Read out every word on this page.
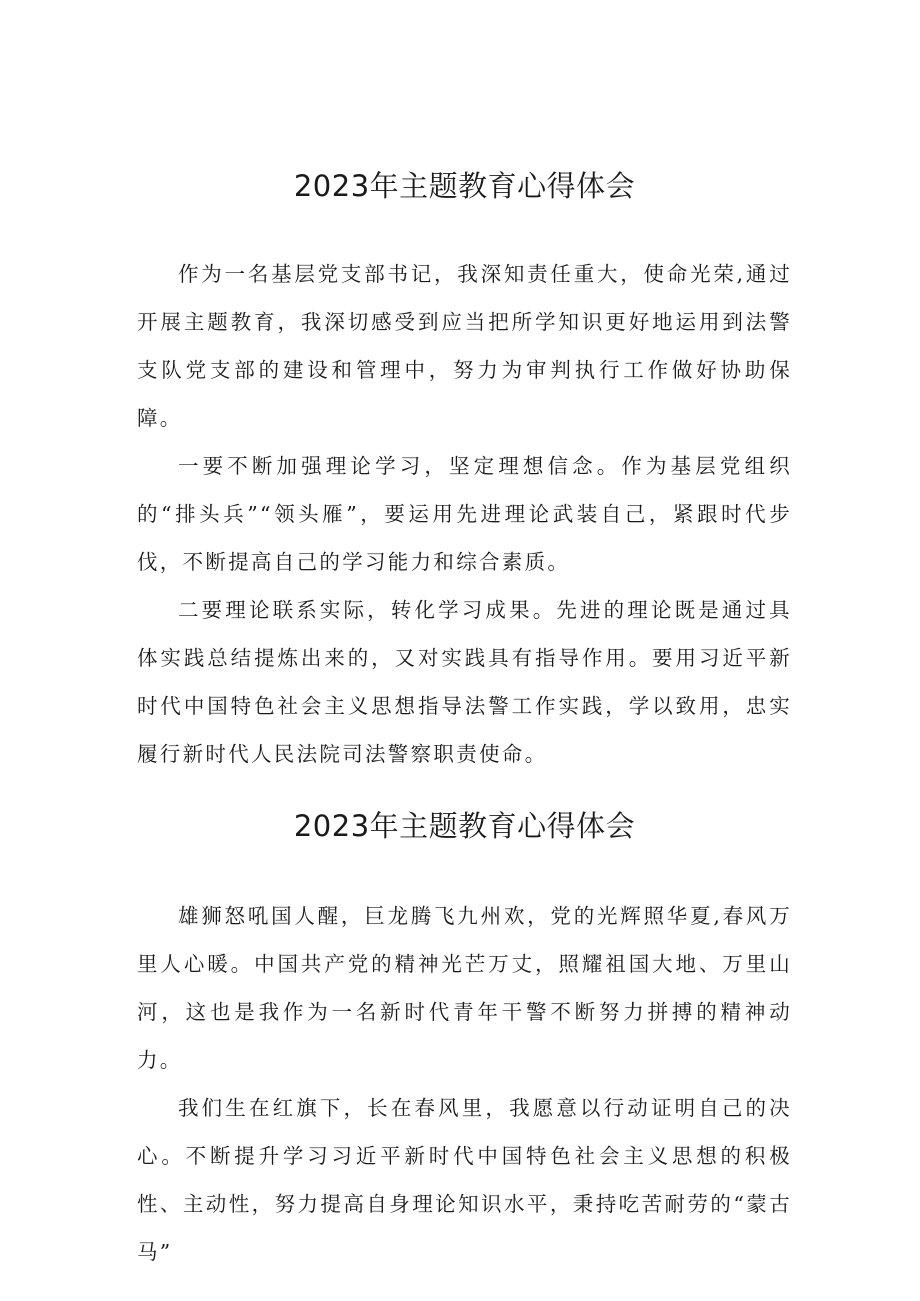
2023年主题教育心得体会

作为一名基层党支部书记，我深知责任重大，使命光荣,通过开展主题教育，我深切感受到应当把所学知识更好地运用到法警支队党支部的建设和管理中，努力为审判执行工作做好协助保障。

一要不断加强理论学习，坚定理想信念。作为基层党组织的“排头兵”“领头雁”，要运用先进理论武装自己，紧跟时代步伐，不断提高自己的学习能力和综合素质。

二要理论联系实际，转化学习成果。先进的理论既是通过具体实践总结提炼出来的，又对实践具有指导作用。要用习近平新时代中国特色社会主义思想指导法警工作实践，学以致用，忠实履行新时代人民法院司法警察职责使命。

2023年主题教育心得体会

雄狮怒吼国人醒，巨龙腾飞九州欢，党的光辉照华夏,春风万里人心暖。中国共产党的精神光芒万丈，照耀祖国大地、万里山河，这也是我作为一名新时代青年干警不断努力拼搏的精神动力。

我们生在红旗下，长在春风里，我愿意以行动证明自己的决心。不断提升学习习近平新时代中国特色社会主义思想的积极性、主动性，努力提高自身理论知识水平，秉持吃苦耐劳的“蒙古马”
